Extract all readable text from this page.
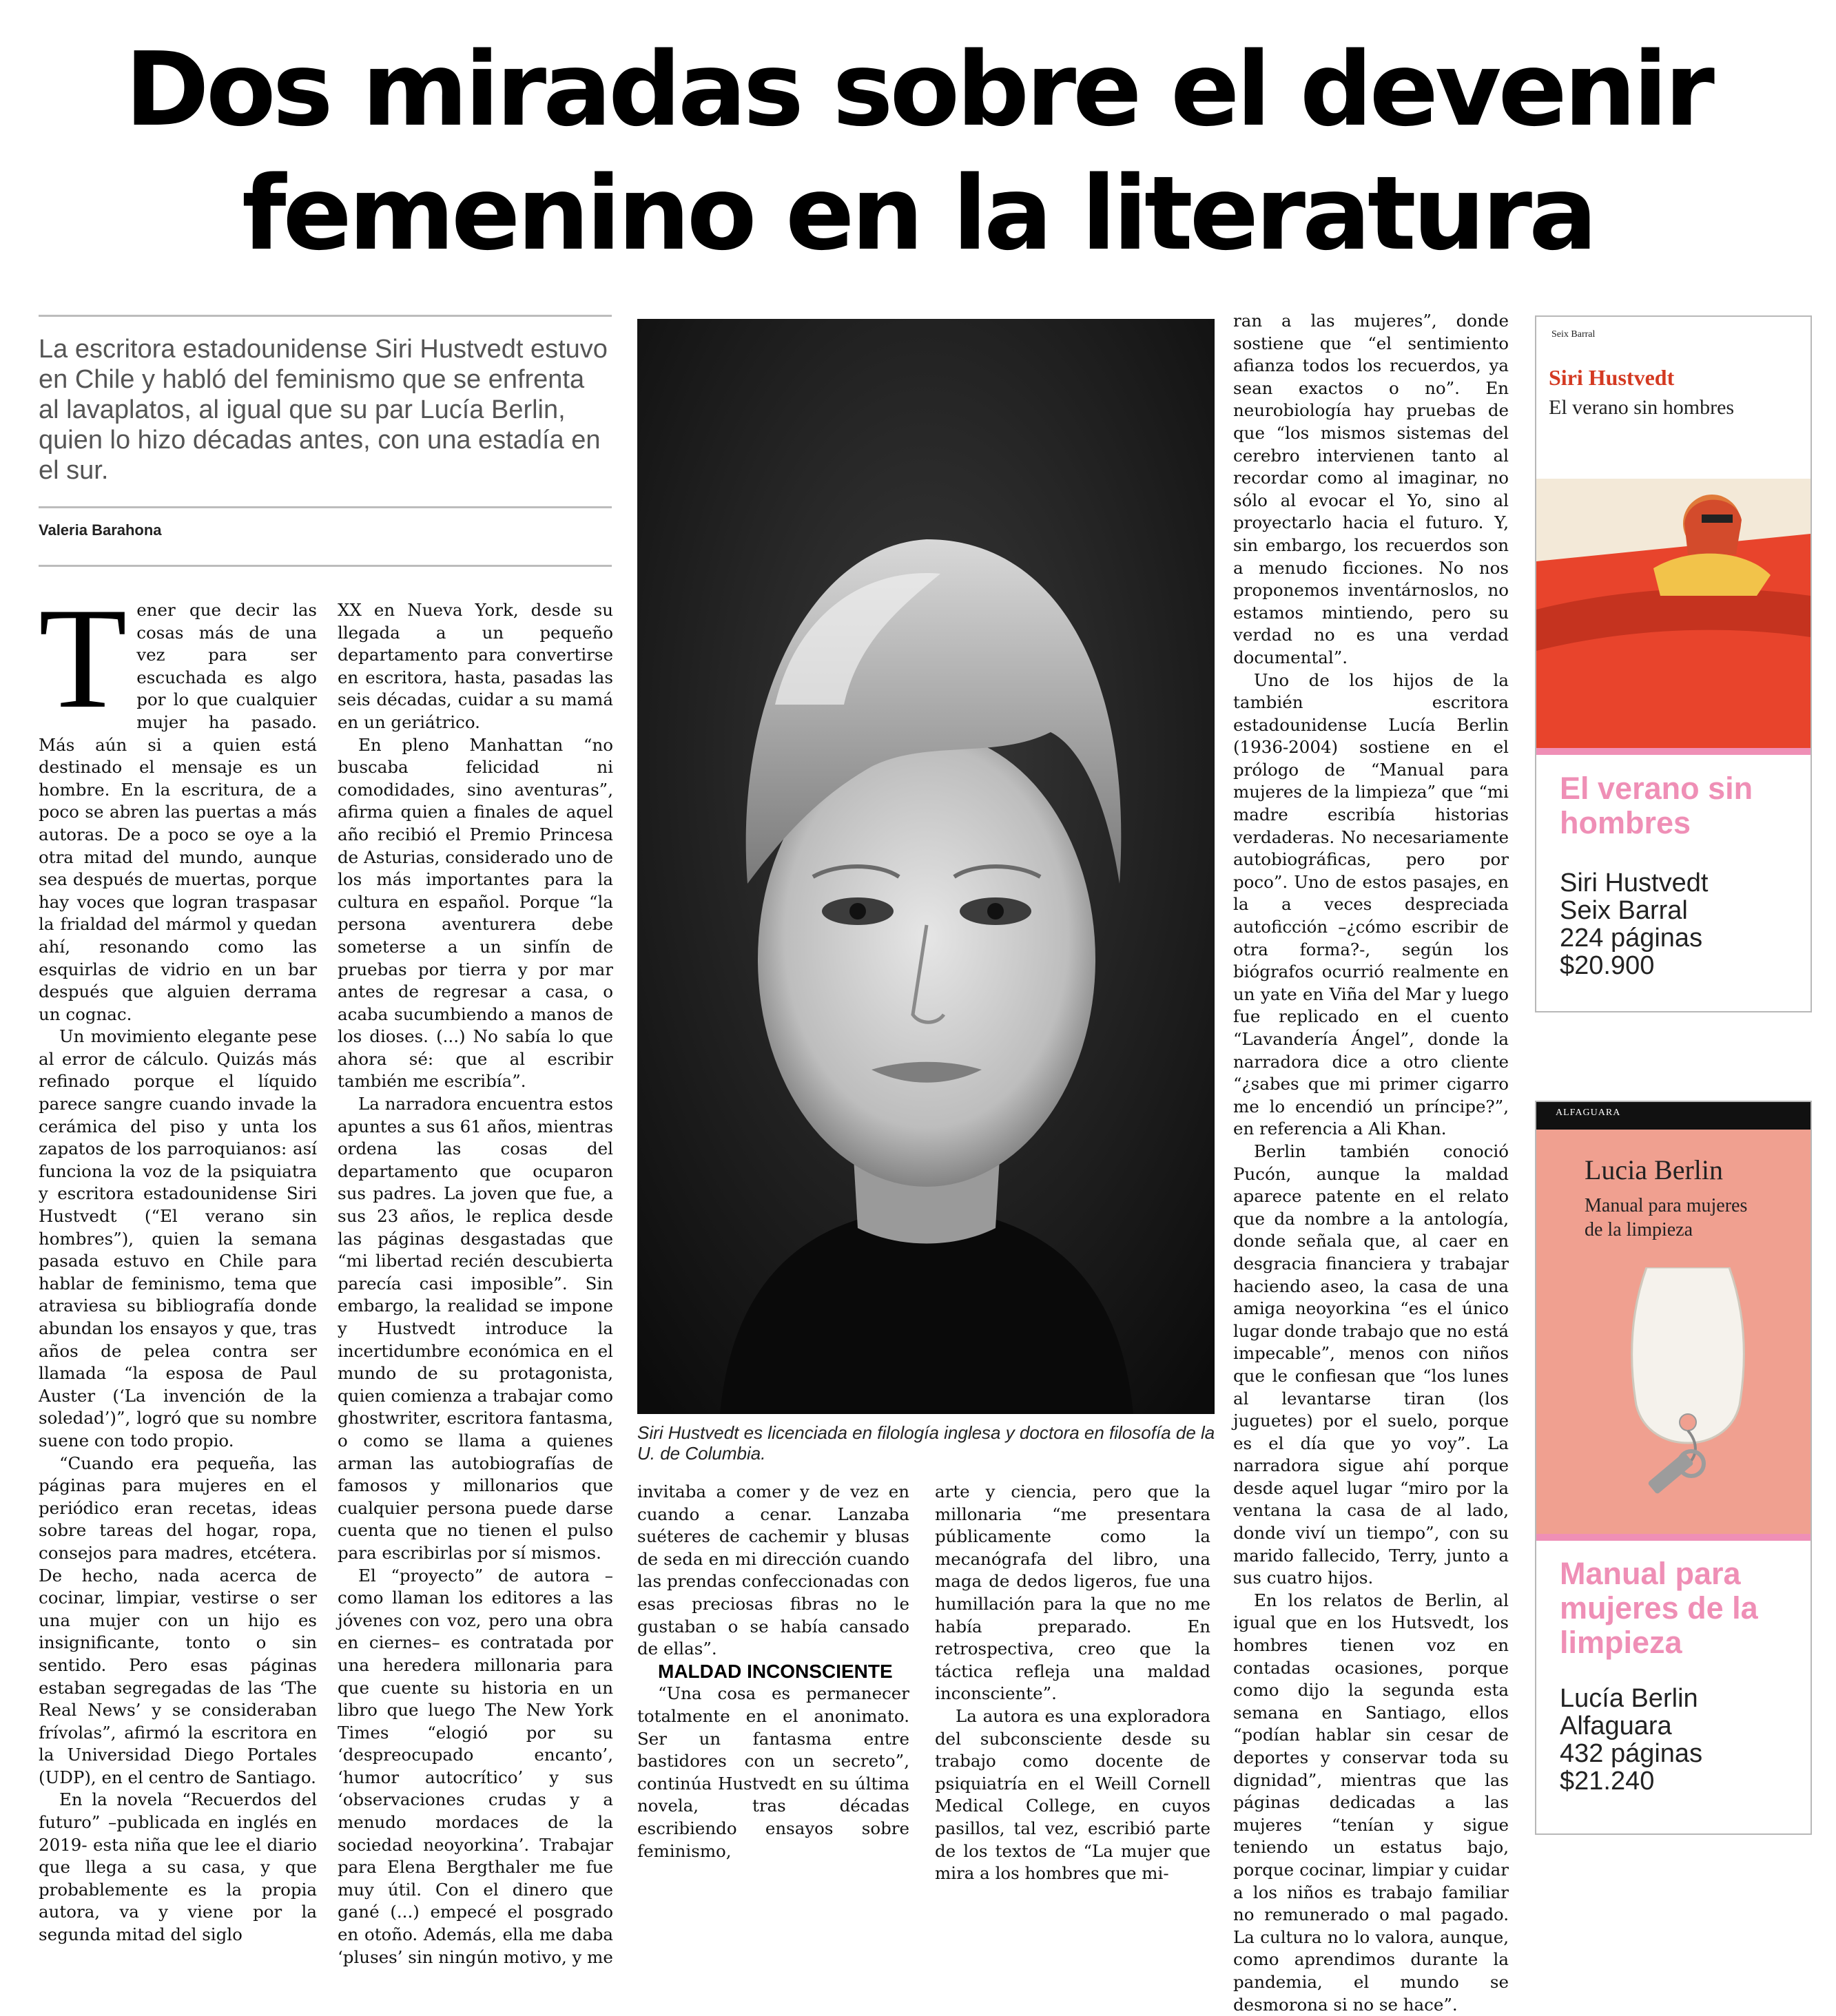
Dos miradas sobre el devenir
femenino en la literatura
La escritora estadounidense Siri Hustvedt estuvo en Chile y habló del feminismo que se enfrenta al lavaplatos, al igual que su par Lucía Berlin, quien lo hizo décadas antes, con una estadía en el sur.
Valeria Barahona

Tener que decir las cosas más de una vez para ser escuchada es algo por lo que cualquier mujer ha pasado. Más aún si a quien está destinado el mensaje es un hombre. En la escritura, de a poco se abren las puertas a más autoras. De a poco se oye a la otra mitad del mundo, aunque sea después de muertas, porque hay voces que logran traspasar la frialdad del mármol y quedan ahí, resonando como las esquirlas de vidrio en un bar después que alguien derrama un cognac.

Un movimiento elegante pese al error de cálculo. Quizás más refinado porque el líquido parece sangre cuando invade la cerámica del piso y unta los zapatos de los parroquianos: así funciona la voz de la psiquiatra y escritora estadounidense Siri Hustvedt (“El verano sin hombres”), quien la semana pasada estuvo en Chile para hablar de feminismo, tema que atraviesa su bibliografía donde abundan los ensayos y que, tras años de pelea contra ser llamada “la esposa de Paul Auster (‘La invención de la soledad’)”, logró que su nombre suene con todo propio.

“Cuando era pequeña, las páginas para mujeres en el periódico eran recetas, ideas sobre tareas del hogar, ropa, consejos para madres, etcétera. De hecho, nada acerca de cocinar, limpiar, vestirse o ser una mujer con un hijo es insignificante, tonto o sin sentido. Pero esas páginas estaban segregadas de las ‘The Real News’ y se consideraban frívolas”, afirmó la escritora en la Universidad Diego Portales (UDP), en el centro de Santiago.

En la novela “Recuerdos del futuro” –publicada en inglés en 2019- esta niña que lee el diario que llega a su casa, y que probablemente es la propia autora, va y viene por la segunda mitad del siglo

XX en Nueva York, desde su llegada a un pequeño departamento para convertirse en escritora, hasta, pasadas las seis décadas, cuidar a su mamá en un geriátrico.

En pleno Manhattan “no buscaba felicidad ni comodidades, sino aventuras”, afirma quien a finales de aquel año recibió el Premio Princesa de Asturias, considerado uno de los más importantes para la cultura en español. Porque “la persona aventurera debe someterse a un sinfín de pruebas por tierra y por mar antes de regresar a casa, o acaba sucumbiendo a manos de los dioses. (...) No sabía lo que ahora sé: que al escribir también me escribía”.

La narradora encuentra estos apuntes a sus 61 años, mientras ordena las cosas del departamento que ocuparon sus padres. La joven que fue, a sus 23 años, le replica desde las páginas desgastadas que “mi libertad recién descubierta parecía casi imposible”. Sin embargo, la realidad se impone y Hustvedt introduce la incertidumbre económica en el mundo de su protagonista, quien comienza a trabajar como ghostwriter, escritora fantasma, o como se llama a quienes arman las autobiografías de famosos y millonarios que cualquier persona puede darse cuenta que no tienen el pulso para escribirlas por sí mismos.

El “proyecto” de autora –como llaman los editores a las jóvenes con voz, pero una obra en ciernes– es contratada por una heredera millonaria para que cuente su historia en un libro que luego The New York Times “elogió por su ‘despreocupado encanto’, ‘humor autocrítico’ y sus ‘observaciones crudas y a menudo mordaces de la sociedad neoyorkina’. Trabajar para Elena Bergthaler me fue muy útil. Con el dinero que gané (...) empecé el posgrado en otoño. Además, ella me daba ‘pluses’ sin ningún motivo, y me

Siri Hustvedt es licenciada en filología inglesa y doctora en filosofía de la U. de Columbia.

invitaba a comer y de vez en cuando a cenar. Lanzaba suéteres de cachemir y blusas de seda en mi dirección cuando las prendas confeccionadas con esas preciosas fibras no le gustaban o se había cansado de ellas”.

MALDAD INCONSCIENTE

“Una cosa es permanecer totalmente en el anonimato. Ser un fantasma entre bastidores con un secreto”, continúa Hustvedt en su última novela, tras décadas escribiendo ensayos sobre feminismo,

arte y ciencia, pero que la millonaria “me presentara públicamente como la mecanógrafa del libro, una maga de dedos ligeros, fue una humillación para la que no me había preparado. En retrospectiva, creo que la táctica refleja una maldad inconsciente”.

La autora es una exploradora del subconsciente desde su trabajo como docente de psiquiatría en el Weill Cornell Medical College, en cuyos pasillos, tal vez, escribió parte de los textos de “La mujer que mira a los hombres que mi-

ran a las mujeres”, donde sostiene que “el sentimiento afianza todos los recuerdos, ya sean exactos o no”. En neurobiología hay pruebas de que “los mismos sistemas del cerebro intervienen tanto al recordar como al imaginar, no sólo al evocar el Yo, sino al proyectarlo hacia el futuro. Y, sin embargo, los recuerdos son a menudo ficciones. No nos proponemos inventárnoslos, no estamos mintiendo, pero su verdad no es una verdad documental”.

Uno de los hijos de la también escritora estadounidense Lucía Berlin (1936-2004) sostiene en el prólogo de “Manual para mujeres de la limpieza” que “mi madre escribía historias verdaderas. No necesariamente autobiográficas, pero por poco”. Uno de estos pasajes, en la a veces despreciada autoficción –¿cómo escribir de otra forma?-, según los biógrafos ocurrió realmente en un yate en Viña del Mar y luego fue replicado en el cuento “Lavandería Ángel”, donde la narradora dice a otro cliente “¿sabes que mi primer cigarro me lo encendió un príncipe?”, en referencia a Ali Khan.

Berlin también conoció Pucón, aunque la maldad aparece patente en el relato que da nombre a la antología, donde señala que, al caer en desgracia financiera y trabajar haciendo aseo, la casa de una amiga neoyorkina “es el único lugar donde trabajo que no está impecable”, menos con niños que le confiesan que “los lunes al levantarse tiran (los juguetes) por el suelo, porque es el día que yo voy”. La narradora sigue ahí porque desde aquel lugar “miro por la ventana la casa de al lado, donde viví un tiempo”, con su marido fallecido, Terry, junto a sus cuatro hijos.

En los relatos de Berlin, al igual que en los Hutsvedt, los hombres tienen voz en contadas ocasiones, porque como dijo la segunda esta semana en Santiago, ellos “podían hablar sin cesar de deportes y conservar toda su dignidad”, mientras que las páginas dedicadas a las mujeres “tenían y sigue teniendo un estatus bajo, porque cocinar, limpiar y cuidar a los niños es trabajo familiar no remunerado o mal pagado. La cultura no lo valora, aunque, como aprendimos durante la pandemia, el mundo se desmorona si no se hace”.

Seix Barral
Siri Hustvedt
El verano sin hombres
El verano sin hombres
Siri Hustvedt
Seix Barral
224 páginas
$20.900
ALFAGUARA
Lucia Berlin
Manual para mujeres
de la limpieza
Manual para mujeres de la limpieza
Lucía Berlin
Alfaguara
432 páginas
$21.240
